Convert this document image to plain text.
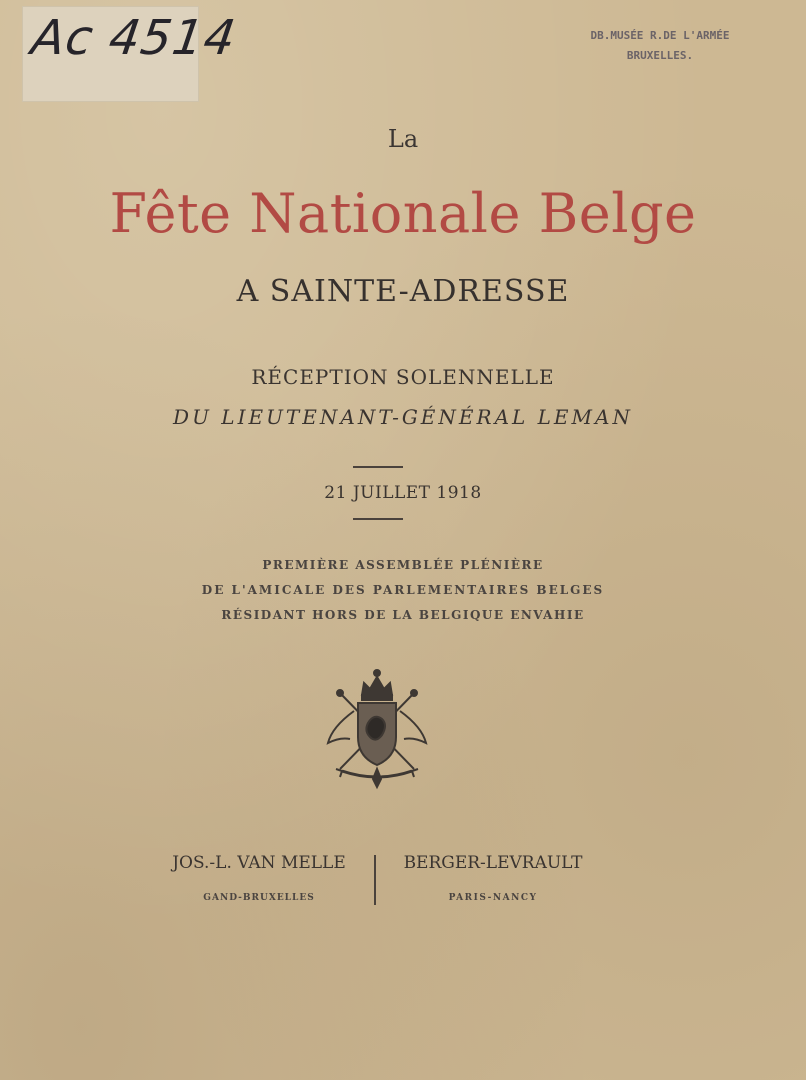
Ac 4514	DB.MUSÉE R.DE L'ARMÉE
BRUXELLES.
La
Fête Nationale Belge
A SAINTE-ADRESSE
RÉCEPTION SOLENNELLE
DU LIEUTENANT-GÉNÉRAL LEMAN
21 JUILLET 1918
PREMIÈRE ASSEMBLÉE PLÉNIÈRE
DE L'AMICALE DES PARLEMENTAIRES BELGES
RÉSIDANT HORS DE LA BELGIQUE ENVAHIE
JOS.-L. VAN MELLE
GAND-BRUXELLES
BERGER-LEVRAULT
PARIS-NANCY
